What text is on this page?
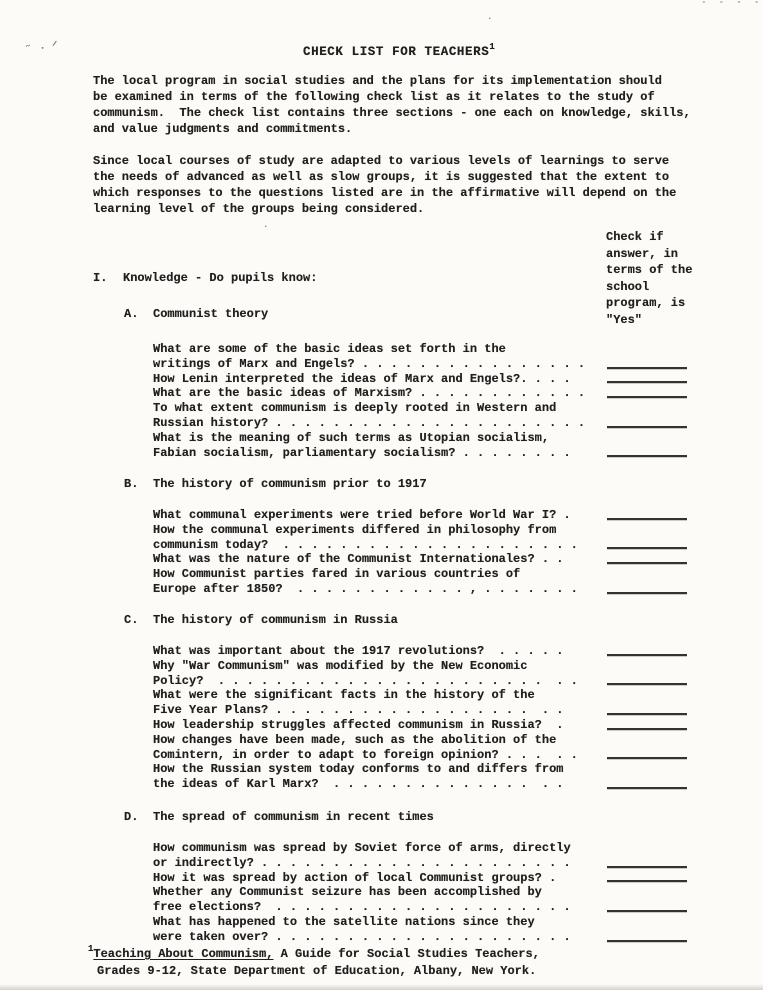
- - - -
˝ · ⸍
.
.
CHECK LIST FOR TEACHERS$^1$
The local program in social studies and the plans for its implementation should
be examined in terms of the following check list as it relates to the study of
communism.  The check list contains three sections - one each on knowledge, skills,
and value judgments and commitments.
Since local courses of study are adapted to various levels of learnings to serve
the needs of advanced as well as slow groups, it is suggested that the extent to
which responses to the questions listed are in the affirmative will depend on the
learning level of the groups being considered.
Check if
answer, in
terms of the
school
program, is
"Yes"
I.	Knowledge - Do pupils know:
A.	Communist theory
What are some of the basic ideas set forth in the
writings of Marx and Engels? . . . . . . . . . . . . . . . .
How Lenin interpreted the ideas of Marx and Engels?. . . .
What are the basic ideas of Marxism? . . . . . . . . . . . .
To what extent communism is deeply rooted in Western and
Russian history? . . . . . . . . . . . . . . . . . . . . . .
What is the meaning of such terms as Utopian socialism,
Fabian socialism, parliamentary socialism? . . . . . . . .
B.	The history of communism prior to 1917
What communal experiments were tried before World War I? .
How the communal experiments differed in philosophy from
communism today?  . . . . . . . . . . . . . . . . . . . . .
What was the nature of the Communist Internationales? . .
How Communist parties fared in various countries of
Europe after 1850?  . . . . . . . . . . . . , . . . . . . .
C.	The history of communism in Russia
What was important about the 1917 revolutions?  . . . . .
Why "War Communism" was modified by the New Economic
Policy?  . . . . . . . . . . . . . . . . . . . . . . .  . .
What were the significant facts in the history of the
Five Year Plans? . . . . . . . . . . . . . . . . . .  . .
How leadership struggles affected communism in Russia?  .
How changes have been made, such as the abolition of the
Comintern, in order to adapt to foreign opinion? . . .  . .
How the Russian system today conforms to and differs from
the ideas of Karl Marx?  . . . . . . . . . . . . . .  . .
D.	The spread of communism in recent times
How communism was spread by Soviet force of arms, directly
or indirectly? . . . . . . . . . . . . . . . . . . . . . .
How it was spread by action of local Communist groups? .
Whether any Communist seizure has been accomplished by
free elections?  . . . . . . . . . . . . . . . . . . . . .
What has happened to the satellite nations since they
were taken over? . . . . . . . . . . . . . . . . . . . . .
$^1$Teaching About Communism, A Guide for Social Studies Teachers,
Grades 9-12, State Department of Education, Albany, New York.
